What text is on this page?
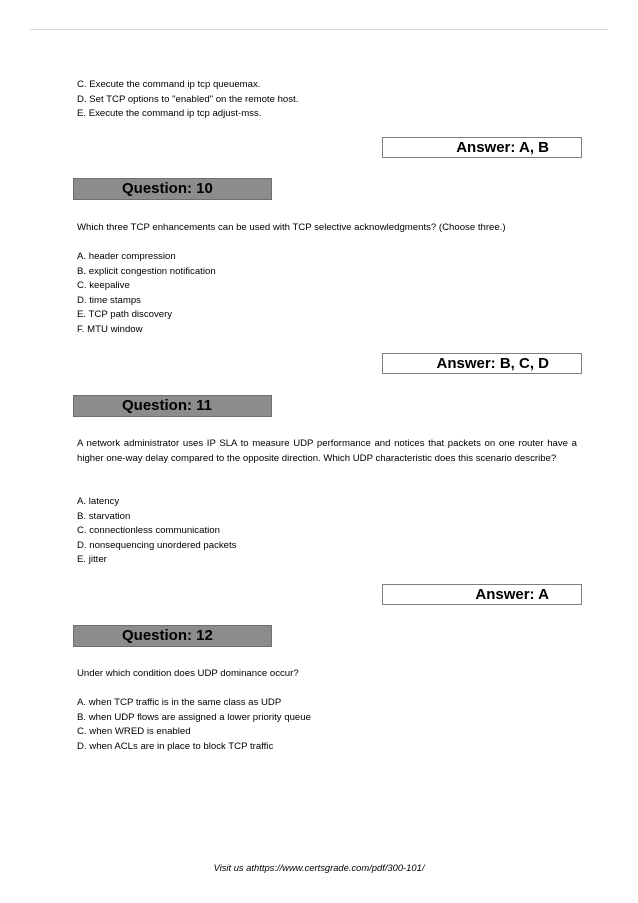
C. Execute the command ip tcp queuemax.
D. Set TCP options to "enabled" on the remote host.
E. Execute the command ip tcp adjust-mss.
Answer: A, B
Question: 10
Which three TCP enhancements can be used with TCP selective acknowledgments? (Choose three.)
A. header compression
B. explicit congestion notification
C. keepalive
D. time stamps
E. TCP path discovery
F. MTU window
Answer: B, C, D
Question: 11
A network administrator uses IP SLA to measure UDP performance and notices that packets on one router have a higher one-way delay compared to the opposite direction. Which UDP characteristic does this scenario describe?
A. latency
B. starvation
C. connectionless communication
D. nonsequencing unordered packets
E. jitter
Answer: A
Question: 12
Under which condition does UDP dominance occur?
A. when TCP traffic is in the same class as UDP
B. when UDP flows are assigned a lower priority queue
C. when WRED is enabled
D. when ACLs are in place to block TCP traffic
Visit us athttps://www.certsgrade.com/pdf/300-101/
